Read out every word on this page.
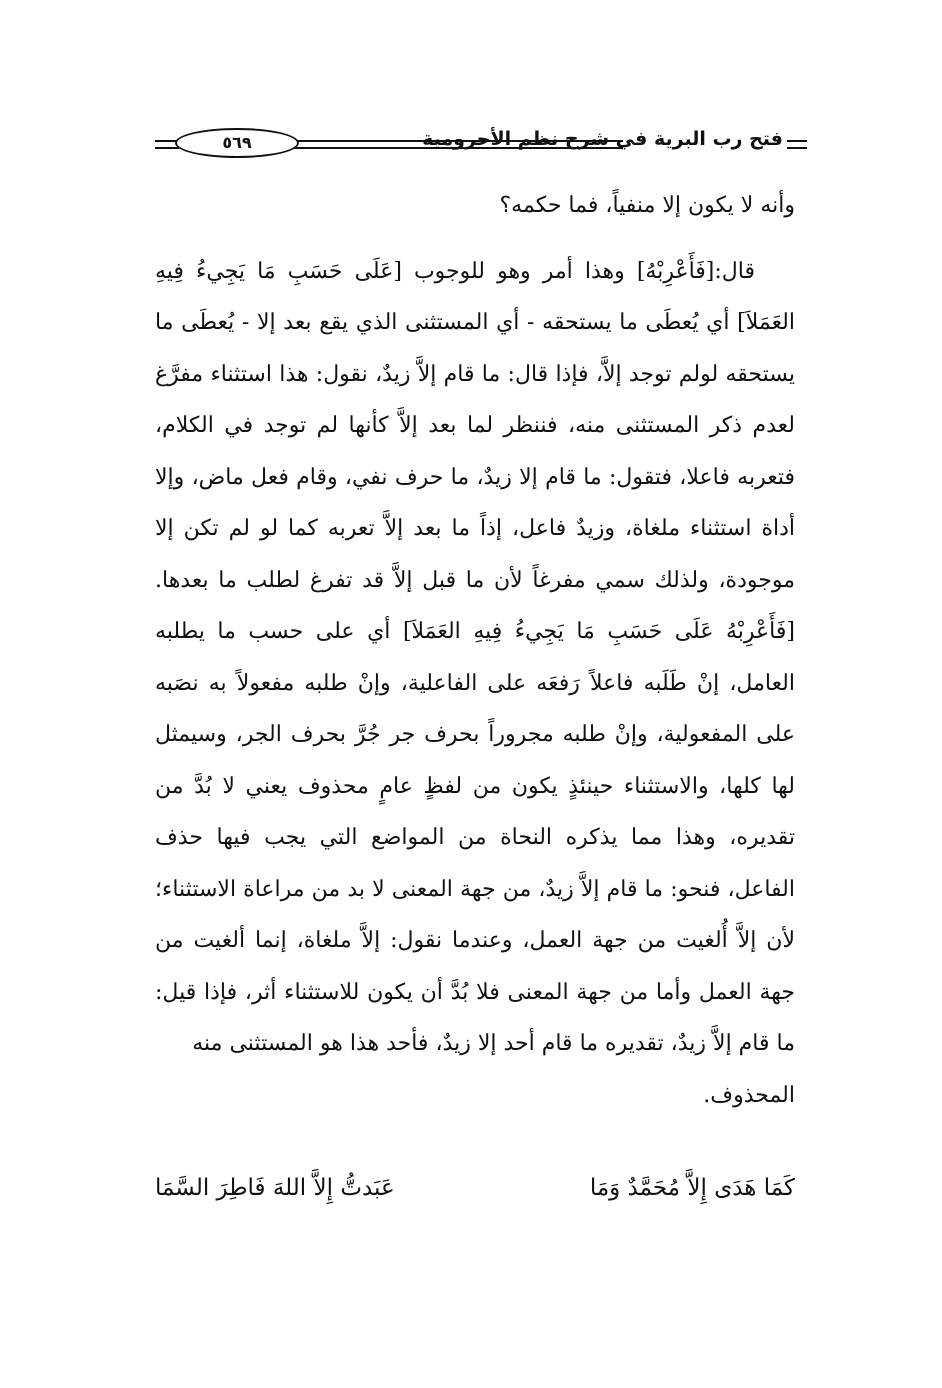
فتح رب البرية في شرح نظم الأجرومية
٥٦٩

وأنه لا يكون إلا منفياً، فما حكمه؟

قال:[فَأَعْرِبْهُ] وهذا أمر وهو للوجوب [عَلَى حَسَبِ مَا يَجِيءُ فِيهِ العَمَلاَ] أي يُعطَى ما يستحقه - أي المستثنى الذي يقع بعد إلا - يُعطَى ما يستحقه لولم توجد إلاَّ، فإذا قال: ما قام إلاَّ زيدٌ، نقول: هذا استثناء مفرَّغ لعدم ذكر المستثنى منه، فننظر لما بعد إلاَّ كأنها لم توجد في الكلام، فتعربه فاعلا، فتقول: ما قام إلا زيدٌ، ما حرف نفي، وقام فعل ماض، وإلا أداة استثناء ملغاة، وزيدٌ فاعل، إذاً ما بعد إلاَّ تعربه كما لو لم تكن إلا موجودة، ولذلك سمي مفرغاً لأن ما قبل إلاَّ قد تفرغ لطلب ما بعدها.[فَأَعْرِبْهُ عَلَى حَسَبِ مَا يَجِيءُ فِيهِ العَمَلاَ] أي على حسب ما يطلبه العامل، إنْ طَلَبه فاعلاً رَفعَه على الفاعلية، وإنْ طلبه مفعولاً به نصَبه على المفعولية، وإنْ طلبه مجروراً بحرف جر جُرَّ بحرف الجر، وسيمثل لها كلها، والاستثناء حينئذٍ يكون من لفظٍ عامٍ محذوف يعني لا بُدَّ من تقديره، وهذا مما يذكره النحاة من المواضع التي يجب فيها حذف الفاعل، فنحو: ما قام إلاَّ زيدٌ، من جهة المعنى لا بد من مراعاة الاستثناء؛ لأن إلاَّ أُلغيت من جهة العمل، وعندما نقول: إلاَّ ملغاة، إنما ألغيت من جهة العمل وأما من جهة المعنى فلا بُدَّ أن يكون للاستثناء أثر، فإذا قيل: ما قام إلاَّ زيدٌ، تقديره ما قام أحد إلا زيدٌ، فأحد هذا هو المستثنى منه

المحذوف.

كَمَا هَدَى إِلاَّ مُحَمَّدٌ وَمَا
عَبَدتُّ إِلاَّ اللهَ فَاطِرَ السَّمَا
